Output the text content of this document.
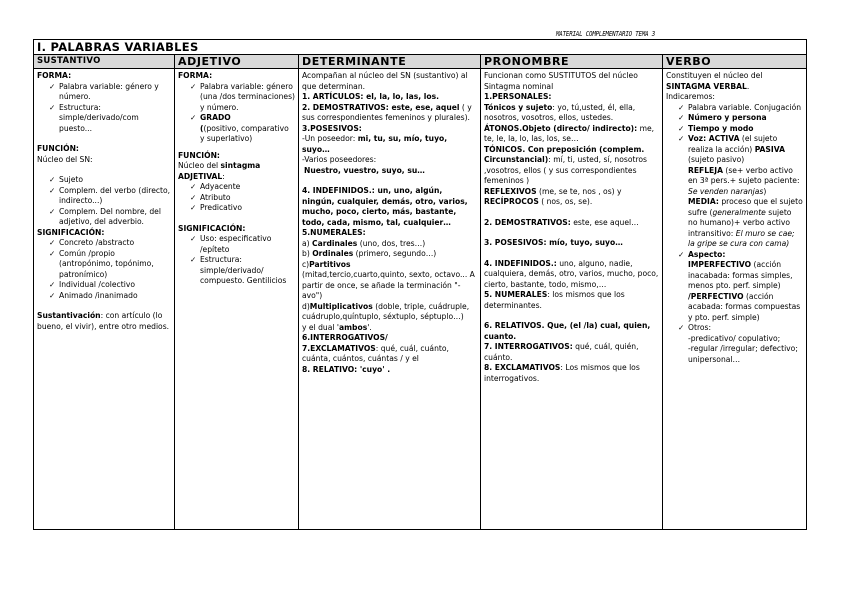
MATERIAL COMPLEMENTARIO TEMA 3
I. PALABRAS VARIABLES
SUSTANTIVO
FORMA:
✓ Palabra variable: género y número.
✓ Estructura: simple/derivado/com puesto...
FUNCIÓN:
Núcleo del SN:
✓ Sujeto
✓ Complem. del verbo (directo, indirecto...)
✓ Complem. Del nombre, del adjetivo, del adverbio.
SIGNIFICACIÓN:
✓ Concreto /abstracto
✓ Común /propio (antropónimo, topónimo, patronímico)
✓ Individual /colectivo
✓ Animado /inanimado
Sustantivación: con artículo (lo bueno, el vivir), entre otro medios.
ADJETIVO
FORMA:
✓ Palabra variable: género (una /dos terminaciones) y número.
✓ GRADO
((positivo, comparativo y superlativo)
FUNCIÓN:
Núcleo del sintagma ADJETIVAL:
✓ Adyacente
✓ Atributo
✓ Predicativo
SIGNIFICACIÓN:
✓ Uso: especificativo /epíteto
✓ Estructura: simple/derivado/ compuesto. Gentilicios
DETERMINANTE
Acompañan al núcleo del SN (sustantivo) al que determinan.
1. ARTÍCULOS: el, la, lo, las, los.
2. DEMOSTRATIVOS: este, ese, aquel ( y sus correspondientes femeninos y plurales).
3.POSESIVOS:
-Un poseedor: mi, tu, su, mío, tuyo, suyo…
-Varios poseedores:
Nuestro, vuestro, suyo, su…
4. INDEFINIDOS.: un, uno, algún, ningún, cualquier, demás, otro, varios, mucho, poco, cierto, más, bastante, todo, cada, mismo, tal, cualquier…
5.NUMERALES:
a) Cardinales (uno, dos, tres…)
b) Ordinales (primero, segundo…)
c)Partitivos
(mitad,tercio,cuarto,quinto, sexto, octavo... A partir de once, se añade la terminación "-avo")
d)Multiplicativos (doble, triple, cuádruple, cuádruplo,quíntuplo, séxtuplo, séptuplo…)
y el dual 'ambos'.
6.INTERROGATIVOS/
7.EXCLAMATIVOS: qué, cuál, cuánto, cuánta, cuántos, cuántas / y el
8. RELATIVO: 'cuyo' .
PRONOMBRE
Funcionan como SUSTITUTOS del núcleo Sintagma nominal
1.PERSONALES:
Tónicos y sujeto: yo, tú,usted, él, ella, nosotros, vosotros, ellos, ustedes.
ÁTONOS.Objeto (directo/ indirecto): me, te, le, la, lo, las, los, se…
TÓNICOS. Con preposición (complem. Circunstancial): mí, ti, usted, sí, nosotros ,vosotros, ellos ( y sus correspondientes femeninos )
REFLEXIVOS (me, se te, nos , os) y RECÍPROCOS ( nos, os, se).
2. DEMOSTRATIVOS: este, ese aquel…
3. POSESIVOS: mío, tuyo, suyo…
4. INDEFINIDOS.: uno, alguno, nadie, cualquiera, demás, otro, varios, mucho, poco, cierto, bastante, todo, mismo,…
5. NUMERALES: los mismos que los determinantes.
6. RELATIVOS. Que, (el /la) cual, quien, cuanto.
7. INTERROGATIVOS: qué, cuál, quién, cuánto.
8. EXCLAMATIVOS: Los mismos que los interrogativos.
VERBO
Constituyen el núcleo del SINTAGMA VERBAL.
Indicaremos:
✓ Palabra variable. Conjugación
✓ Número y persona
✓ Tiempo y modo
✓ Voz: ACTIVA (el sujeto realiza la acción) PASIVA (sujeto pasivo)
REFLEJA (se+ verbo activo en 3ª pers.+ sujeto paciente: Se venden naranjas)
MEDIA: proceso que el sujeto sufre (generalmente sujeto no humano)+ verbo activo intransitivo: El muro se cae; la gripe se cura con cama)
✓ Aspecto:
IMPERFECTIVO (acción inacabada: formas simples, menos pto. perf. simple)
/PERFECTIVO (acción acabada: formas compuestas y pto. perf. simple)
✓ Otros:
-predicativo/ copulativo;
-regular /irregular; defectivo; unipersonal…
